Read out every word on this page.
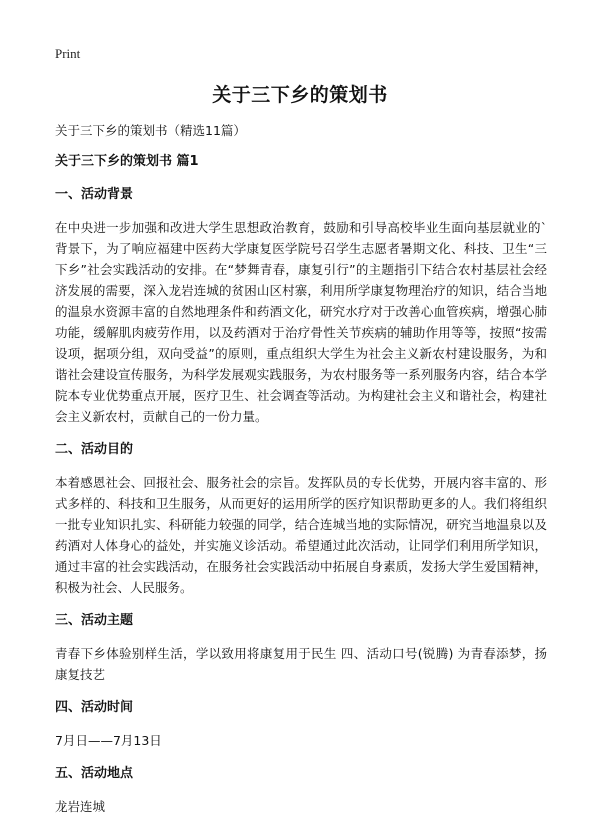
Print
关于三下乡的策划书

关于三下乡的策划书（精选11篇）

关于三下乡的策划书 篇1

一、活动背景

在中央进一步加强和改进大学生思想政治教育，鼓励和引导高校毕业生面向基层就业的`背景下，为了响应福建中医药大学康复医学院号召学生志愿者暑期文化、科技、卫生“三下乡”社会实践活动的安排。在“梦舞青春，康复引行”的主题指引下结合农村基层社会经济发展的需要，深入龙岩连城的贫困山区村寨，利用所学康复物理治疗的知识，结合当地的温泉水资源丰富的自然地理条件和药酒文化，研究水疗对于改善心血管疾病，增强心肺功能，缓解肌肉疲劳作用，以及药酒对于治疗骨性关节疾病的辅助作用等等，按照“按需设项，据项分组，双向受益”的原则，重点组织大学生为社会主义新农村建设服务，为和谐社会建设宣传服务，为科学发展观实践服务，为农村服务等一系列服务内容，结合本学院本专业优势重点开展，医疗卫生、社会调查等活动。为构建社会主义和谐社会，构建社会主义新农村，贡献自己的一份力量。

二、活动目的

本着感恩社会、回报社会、服务社会的宗旨。发挥队员的专长优势，开展内容丰富的、形式多样的、科技和卫生服务，从而更好的运用所学的医疗知识帮助更多的人。我们将组织一批专业知识扎实、科研能力较强的同学，结合连城当地的实际情况，研究当地温泉以及药酒对人体身心的益处，并实施义诊活动。希望通过此次活动，让同学们利用所学知识，通过丰富的社会实践活动，在服务社会实践活动中拓展自身素质，发扬大学生爱国精神，积极为社会、人民服务。

三、活动主题

青春下乡体验别样生活，学以致用将康复用于民生 四、活动口号(锐腾) 为青春添梦，扬康复技艺

四、活动时间

7月日——7月13日

五、活动地点

龙岩连城
